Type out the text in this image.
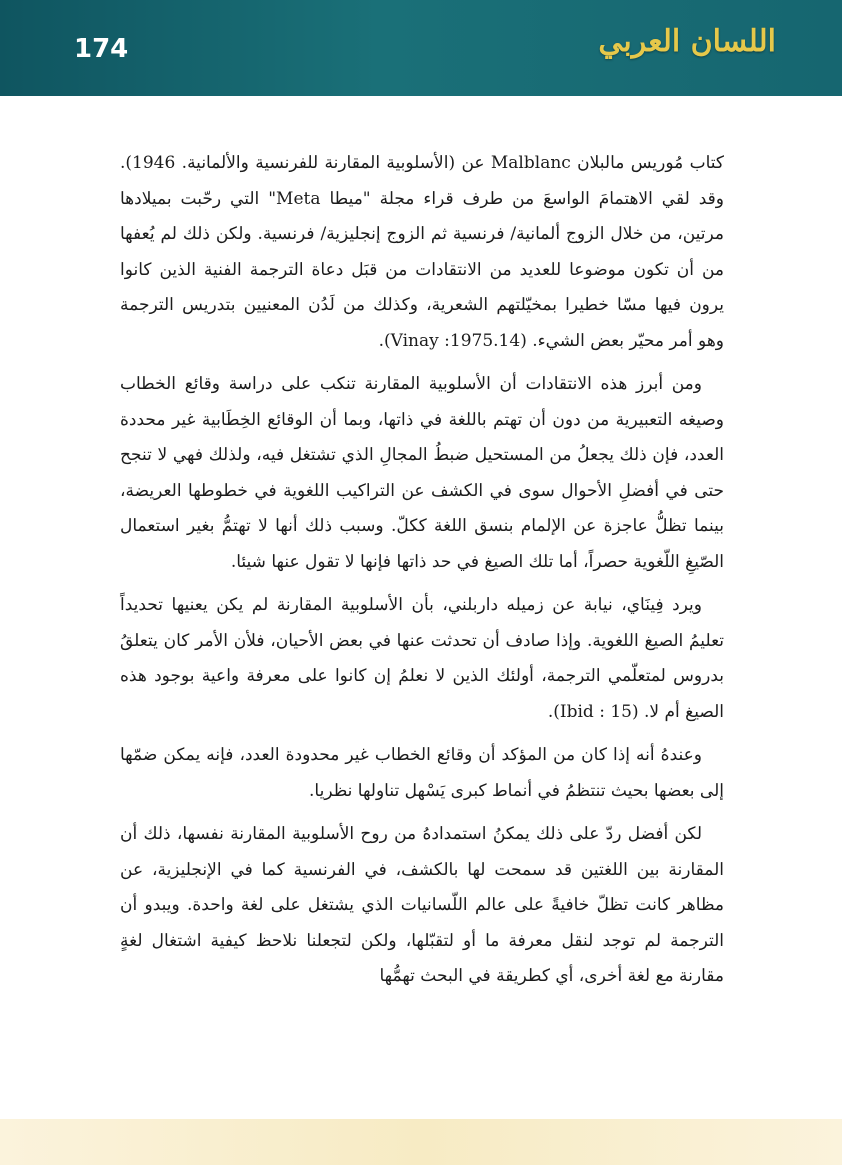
174	اللسان العربي

كتاب مُوريس مالبلان Malblanc عن (الأسلوبية المقارنة للفرنسية والألمانية. 1946). وقد لقي الاهتمامَ الواسعَ من طرف قراء مجلة "ميطا Meta" التي رحّبت بميلادها مرتين، من خلال الزوج ألمانية/ فرنسية ثم الزوج إنجليزية/ فرنسية. ولكن ذلك لم يُعفها من أن تكون موضوعا للعديد من الانتقادات من قبَل دعاة الترجمة الفنية الذين كانوا يرون فيها مسّا خطيرا بمخيّلتهم الشعرية، وكذلك من لَدُن المعنيين بتدريس الترجمة وهو أمر محيّر بعض الشيء. (Vinay :1975.14).

ومن أبرز هذه الانتقادات أن الأسلوبية المقارنة تنكب على دراسة وقائع الخطاب وصيغه التعبيرية من دون أن تهتم باللغة في ذاتها، وبما أن الوقائع الخِطَابية غير محددة العدد، فإن ذلك يجعلُ من المستحيل ضبطُ المجالِ الذي تشتغل فيه، ولذلك فهي لا تنجح حتى في أفضلِ الأحوال سوى في الكشف عن التراكيب اللغوية في خطوطها العريضة، بينما تظلُّ عاجزة عن الإلمام بنسق اللغة ككلّ. وسبب ذلك أنها لا تهتمُّ بغير استعمال الصّيغِ اللّغوية حصراً، أما تلك الصيغ في حد ذاتها فإنها لا تقول عنها شيئا.

ويرد فِينَاي، نيابة عن زميله داربلني، بأن الأسلوبية المقارنة لم يكن يعنيها تحديداً تعليمُ الصيغ اللغوية. وإذا صادف أن تحدثت عنها في بعض الأحيان، فلأن الأمر كان يتعلقُ بدروس لمتعلّمي الترجمة، أولئك الذين لا نعلمُ إن كانوا على معرفة واعية بوجود هذه الصيغ أم لا. (Ibid : 15).

وعندهُ أنه إذا كان من المؤكد أن وقائع الخطاب غير محدودة العدد، فإنه يمكن ضمّها إلى بعضها بحيث تنتظمُ في أنماط كبرى يَسْهل تناولها نظريا.

لكن أفضل ردّ على ذلك يمكنُ استمدادهُ من روح الأسلوبية المقارنة نفسها، ذلك أن المقارنة بين اللغتين قد سمحت لها بالكشف، في الفرنسية كما في الإنجليزية، عن مظاهر كانت تظلّ خافيةً على عالم اللّسانيات الذي يشتغل على لغة واحدة. ويبدو أن الترجمة لم توجد لنقل معرفة ما أو لتقبّلها، ولكن لتجعلنا نلاحظ كيفية اشتغال لغةٍ مقارنة مع لغة أخرى، أي كطريقة في البحث تهمُّها
